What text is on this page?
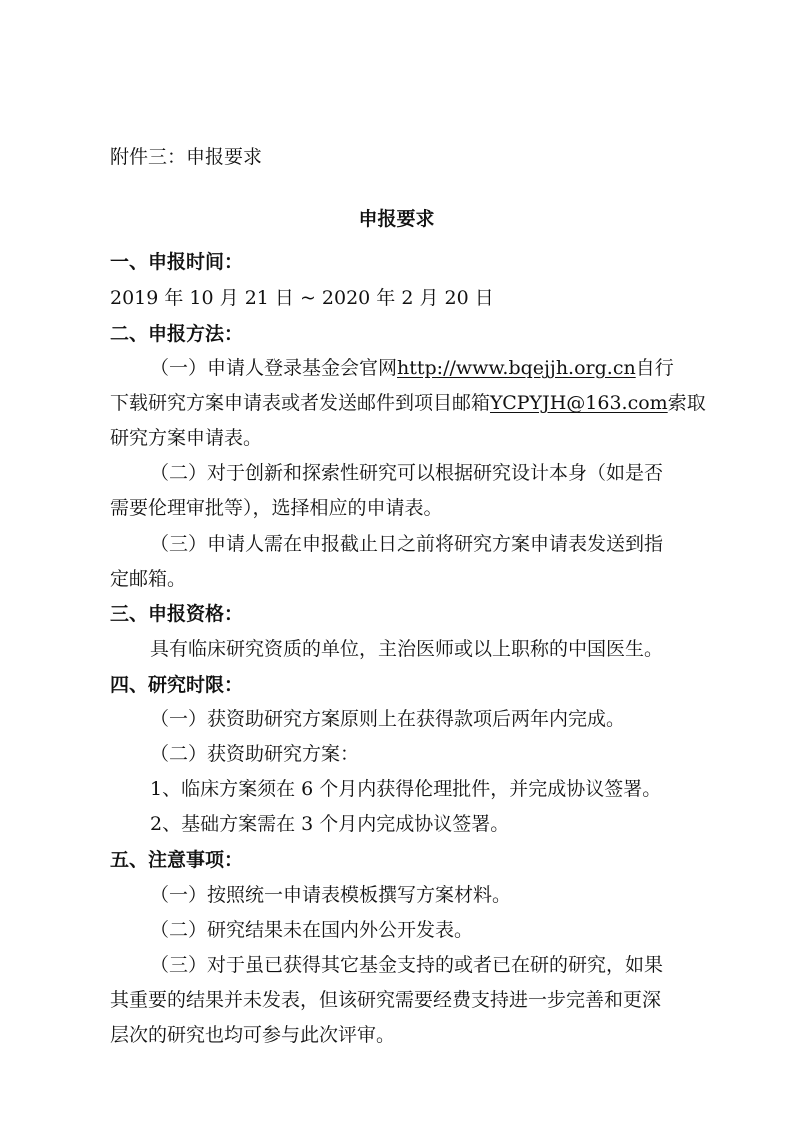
附件三：申报要求
申报要求
一、申报时间：
2019 年 10 月 21 日 ~ 2020 年 2 月 20 日
二、申报方法：
（一）申请人登录基金会官网http://www.bqejjh.org.cn自行
下载研究方案申请表或者发送邮件到项目邮箱YCPYJH@163.com索取
研究方案申请表。
（二）对于创新和探索性研究可以根据研究设计本身（如是否
需要伦理审批等），选择相应的申请表。
（三）申请人需在申报截止日之前将研究方案申请表发送到指
定邮箱。
三、申报资格：
具有临床研究资质的单位，主治医师或以上职称的中国医生。
四、研究时限：
（一）获资助研究方案原则上在获得款项后两年内完成。
（二）获资助研究方案：
1、临床方案须在 6 个月内获得伦理批件，并完成协议签署。
2、基础方案需在 3 个月内完成协议签署。
五、注意事项：
（一）按照统一申请表模板撰写方案材料。
（二）研究结果未在国内外公开发表。
（三）对于虽已获得其它基金支持的或者已在研的研究，如果
其重要的结果并未发表，但该研究需要经费支持进一步完善和更深
层次的研究也均可参与此次评审。
